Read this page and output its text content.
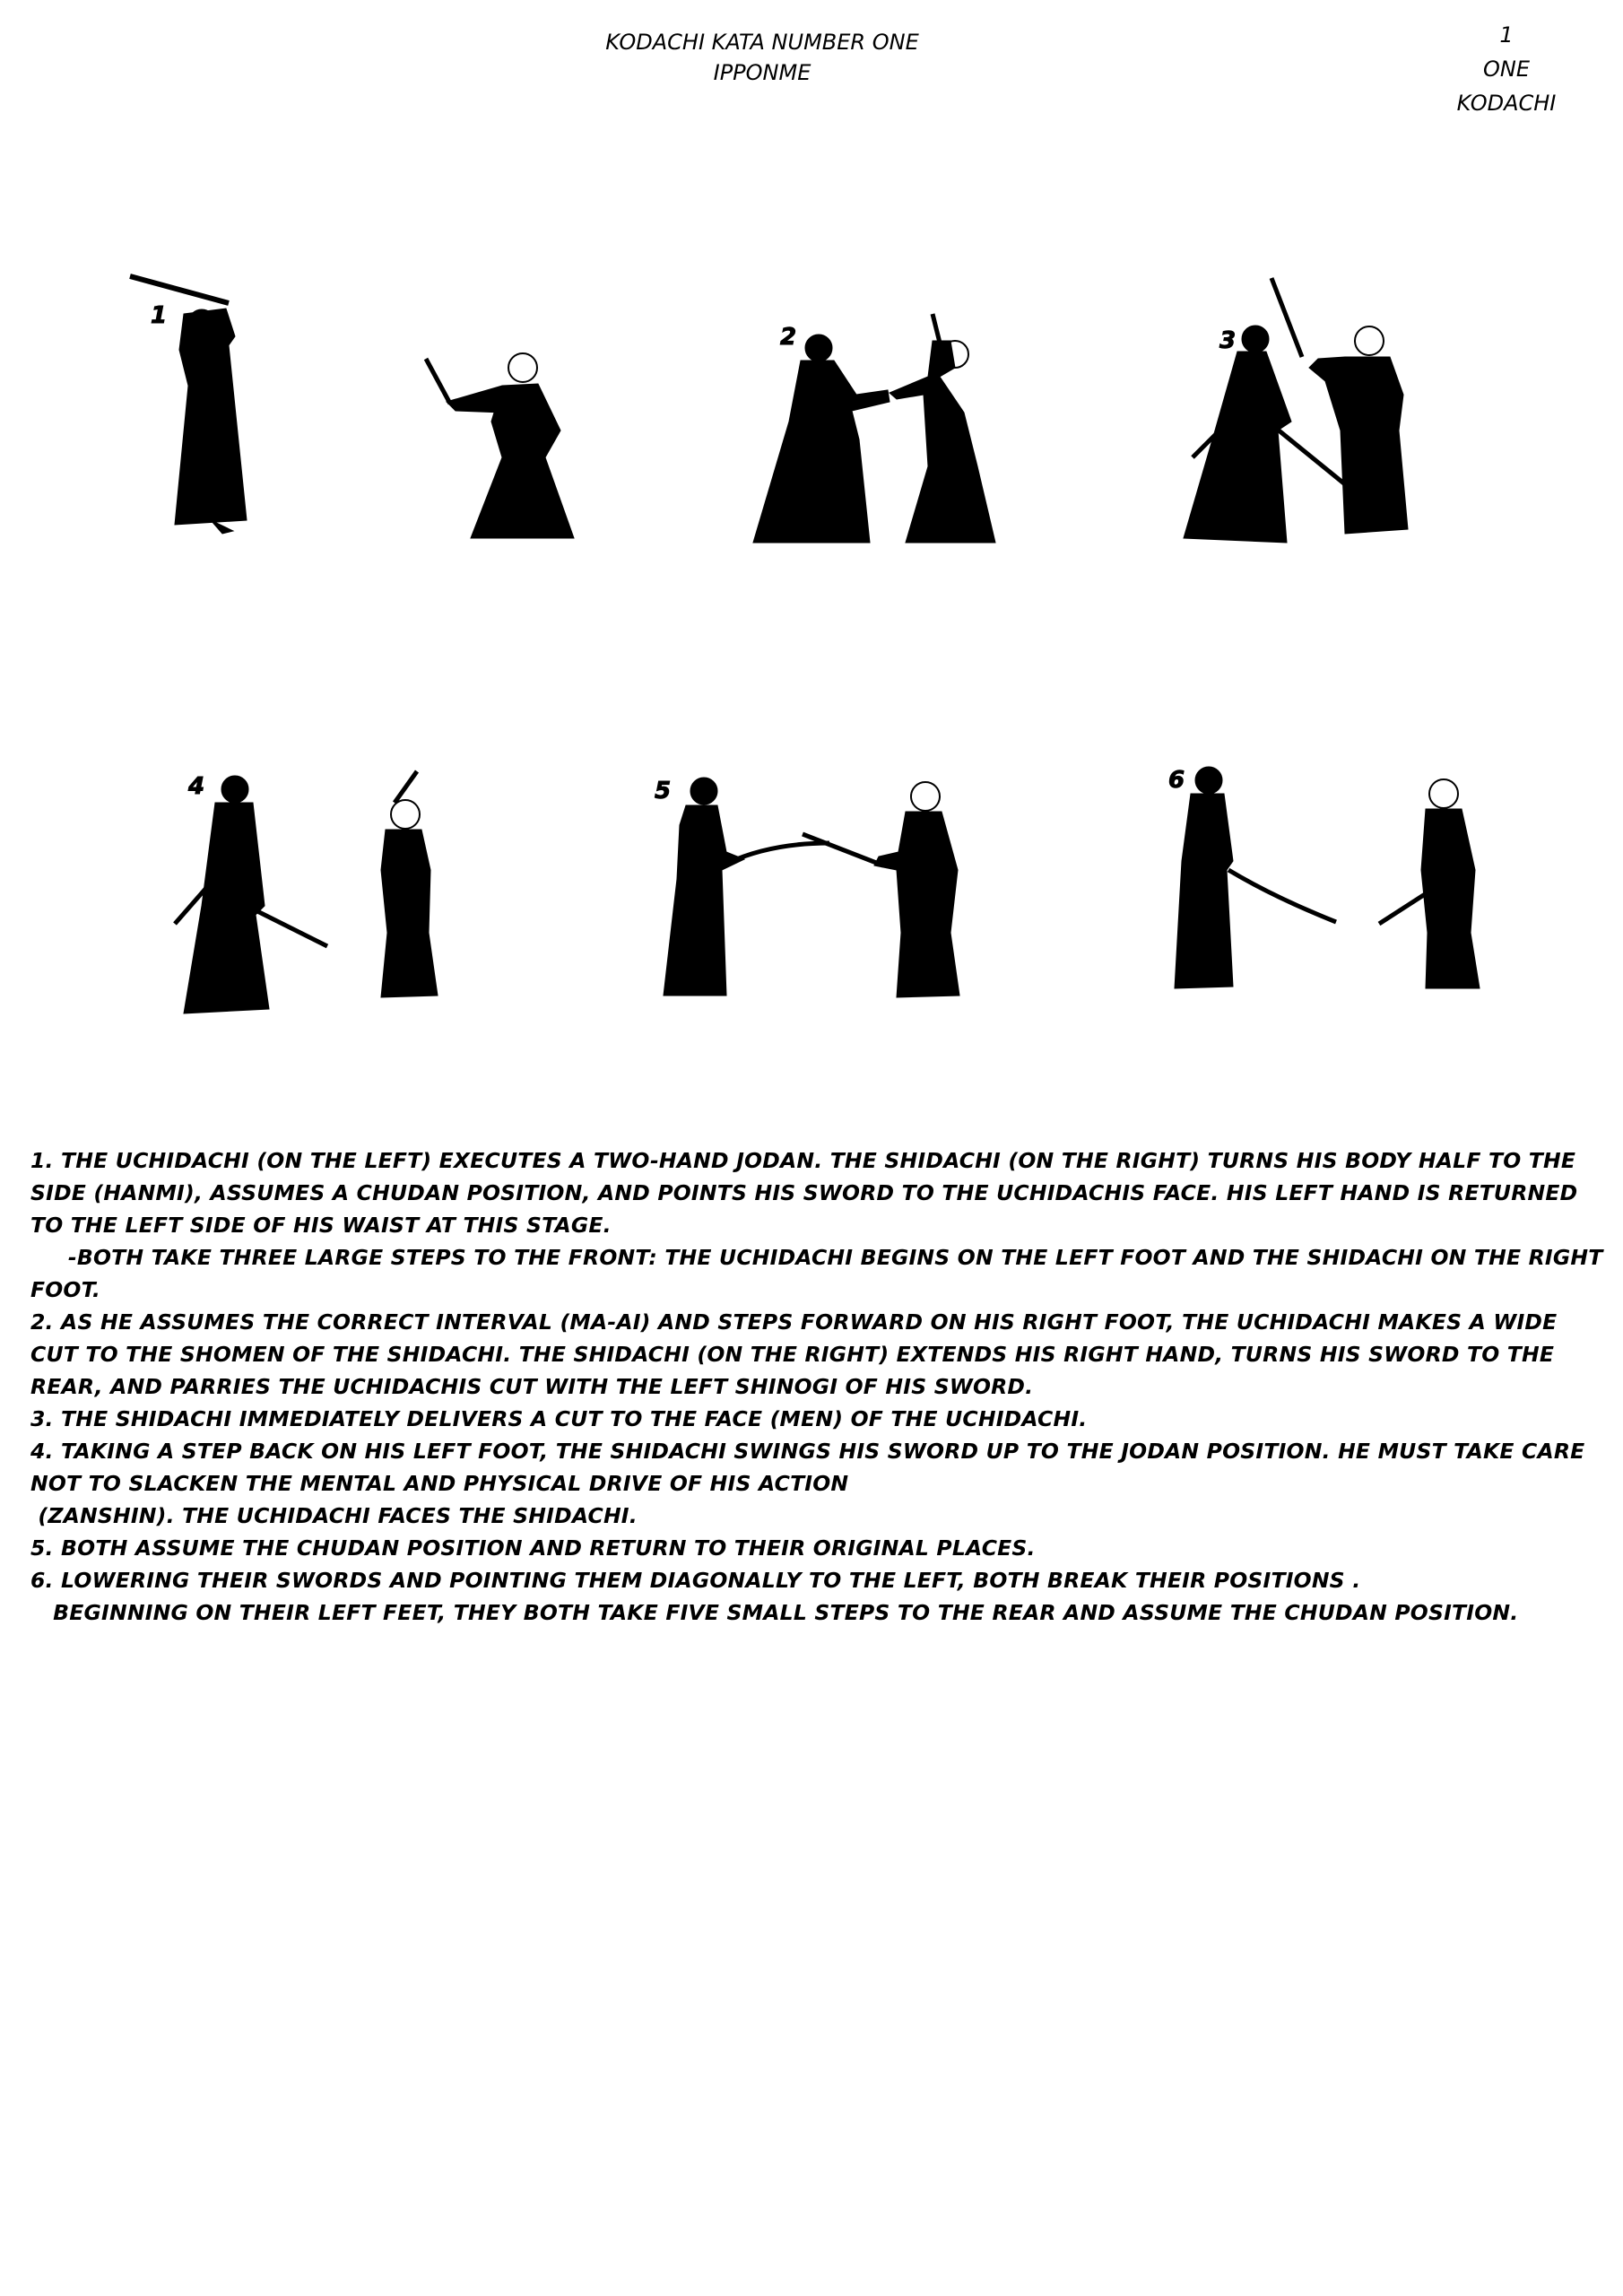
KODACHI KATA NUMBER ONE
IPPONME
1
ONE
KODACHI
1
2	3
4	5	6

1. THE UCHIDACHI (ON THE LEFT) EXECUTES A TWO-HAND JODAN. THE SHIDACHI (ON THE RIGHT) TURNS HIS BODY HALF TO THE SIDE (HANMI), ASSUMES A CHUDAN POSITION, AND POINTS HIS SWORD TO THE UCHIDACHIS FACE. HIS LEFT HAND IS RETURNED TO THE LEFT SIDE OF HIS WAIST AT THIS STAGE.

-BOTH TAKE THREE LARGE STEPS TO THE FRONT: THE UCHIDACHI BEGINS ON THE LEFT FOOT AND THE SHIDACHI ON THE RIGHT FOOT.

2. AS HE ASSUMES THE CORRECT INTERVAL (MA-AI) AND STEPS FORWARD ON HIS RIGHT FOOT, THE UCHIDACHI MAKES A WIDE CUT TO THE SHOMEN OF THE SHIDACHI. THE SHIDACHI (ON THE RIGHT) EXTENDS HIS RIGHT HAND, TURNS HIS SWORD TO THE REAR, AND PARRIES THE UCHIDACHIS CUT WITH THE LEFT SHINOGI OF HIS SWORD.

3. THE SHIDACHI IMMEDIATELY DELIVERS A CUT TO THE FACE (MEN) OF THE UCHIDACHI.

4. TAKING A STEP BACK ON HIS LEFT FOOT, THE SHIDACHI SWINGS HIS SWORD UP TO THE JODAN POSITION. HE MUST TAKE CARE NOT TO SLACKEN THE MENTAL AND PHYSICAL DRIVE OF HIS ACTION

(ZANSHIN). THE UCHIDACHI FACES THE SHIDACHI.

5. BOTH ASSUME THE CHUDAN POSITION AND RETURN TO THEIR ORIGINAL PLACES.

6. LOWERING THEIR SWORDS AND POINTING THEM DIAGONALLY TO THE LEFT, BOTH BREAK THEIR POSITIONS .

BEGINNING ON THEIR LEFT FEET, THEY BOTH TAKE FIVE SMALL STEPS TO THE REAR AND ASSUME THE CHUDAN POSITION.
